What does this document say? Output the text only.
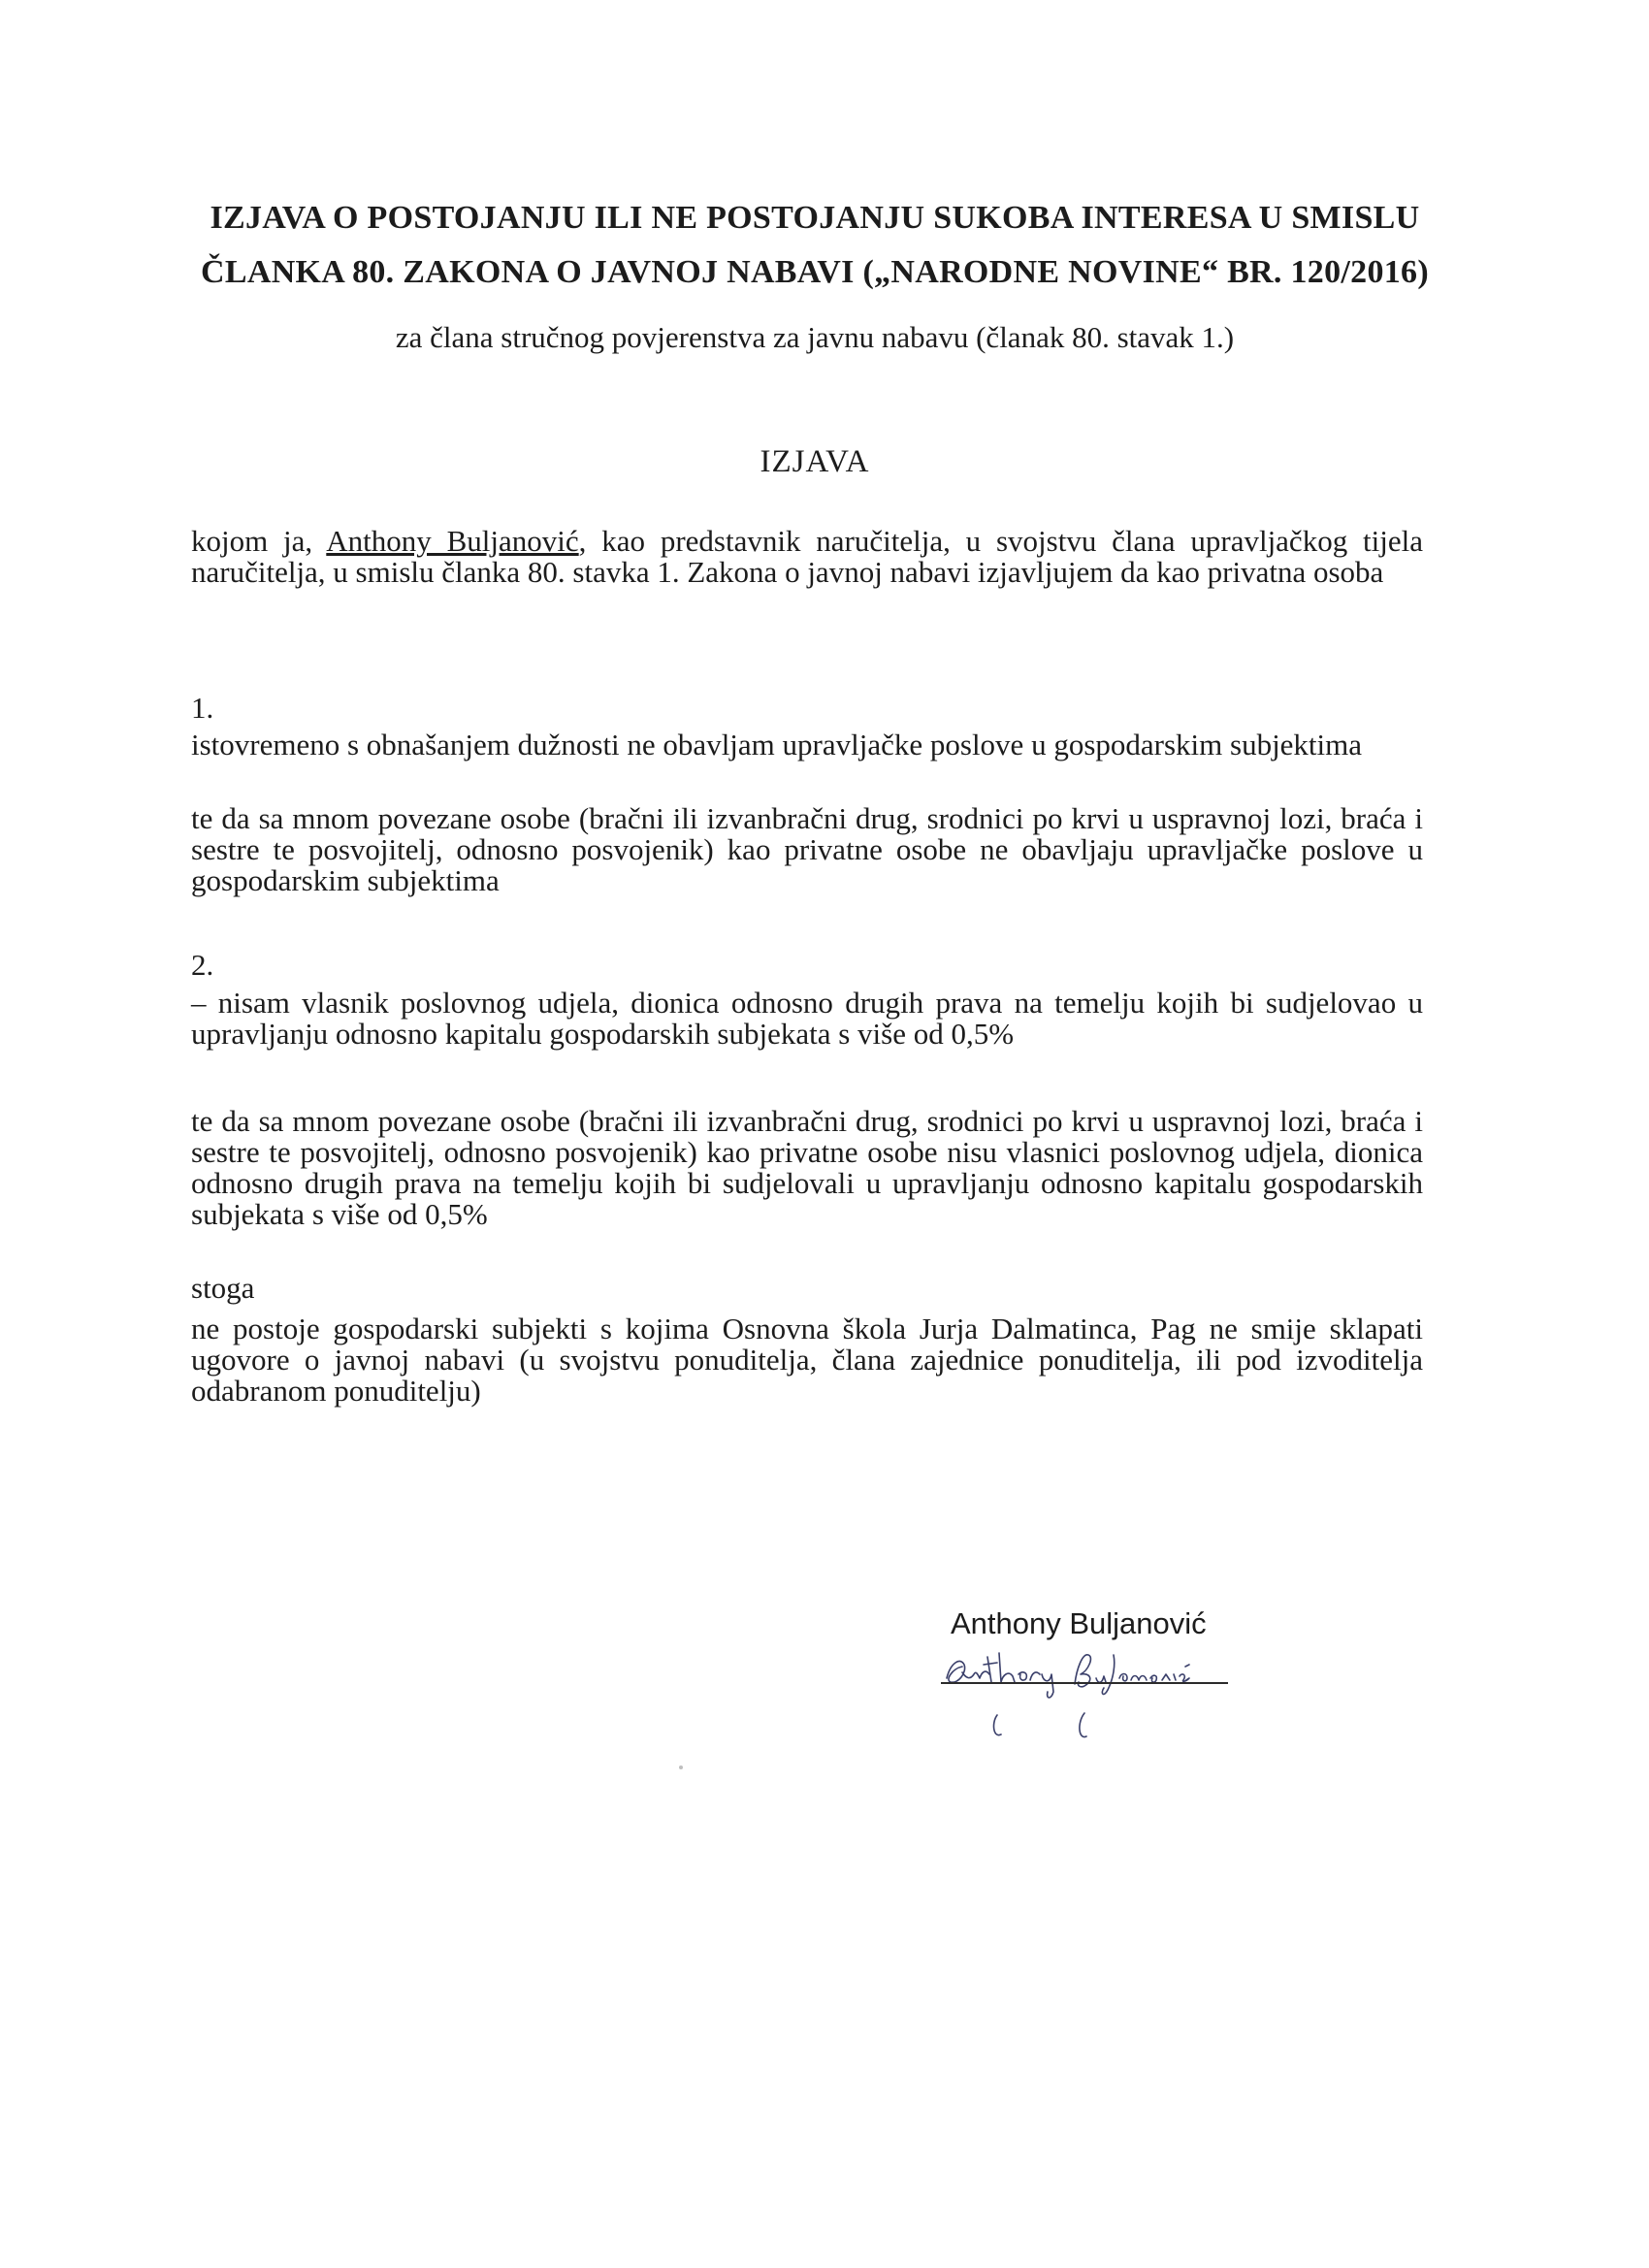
IZJAVA O POSTOJANJU ILI NE POSTOJANJU SUKOBA INTERESA U SMISLU
ČLANKA 80. ZAKONA O JAVNOJ NABAVI („NARODNE NOVINE“ BR. 120/2016)
za člana stručnog povjerenstva za javnu nabavu (članak 80. stavak 1.)
IZJAVA
kojom ja, Anthony Buljanović, kao predstavnik naručitelja, u svojstvu člana upravljačkog tijela naručitelja, u smislu članka 80. stavka 1. Zakona o javnoj nabavi izjavljujem da kao privatna osoba
1.
istovremeno s obnašanjem dužnosti ne obavljam upravljačke poslove u gospodarskim subjektima
te da sa mnom povezane osobe (bračni ili izvanbračni drug, srodnici po krvi u uspravnoj lozi, braća i sestre te posvojitelj, odnosno posvojenik) kao privatne osobe ne obavljaju upravljačke poslove u gospodarskim subjektima
2.
– nisam vlasnik poslovnog udjela, dionica odnosno drugih prava na temelju kojih bi sudjelovao u upravljanju odnosno kapitalu gospodarskih subjekata s više od 0,5%
te da sa mnom povezane osobe (bračni ili izvanbračni drug, srodnici po krvi u uspravnoj lozi, braća i sestre te posvojitelj, odnosno posvojenik) kao privatne osobe nisu vlasnici poslovnog udjela, dionica odnosno drugih prava na temelju kojih bi sudjelovali u upravljanju odnosno kapitalu gospodarskih subjekata s više od 0,5%
stoga
ne postoje gospodarski subjekti s kojima Osnovna škola Jurja Dalmatinca, Pag ne smije sklapati ugovore o javnoj nabavi (u svojstvu ponuditelja, člana zajednice ponuditelja, ili pod izvoditelja odabranom ponuditelju)
Anthony Buljanović
